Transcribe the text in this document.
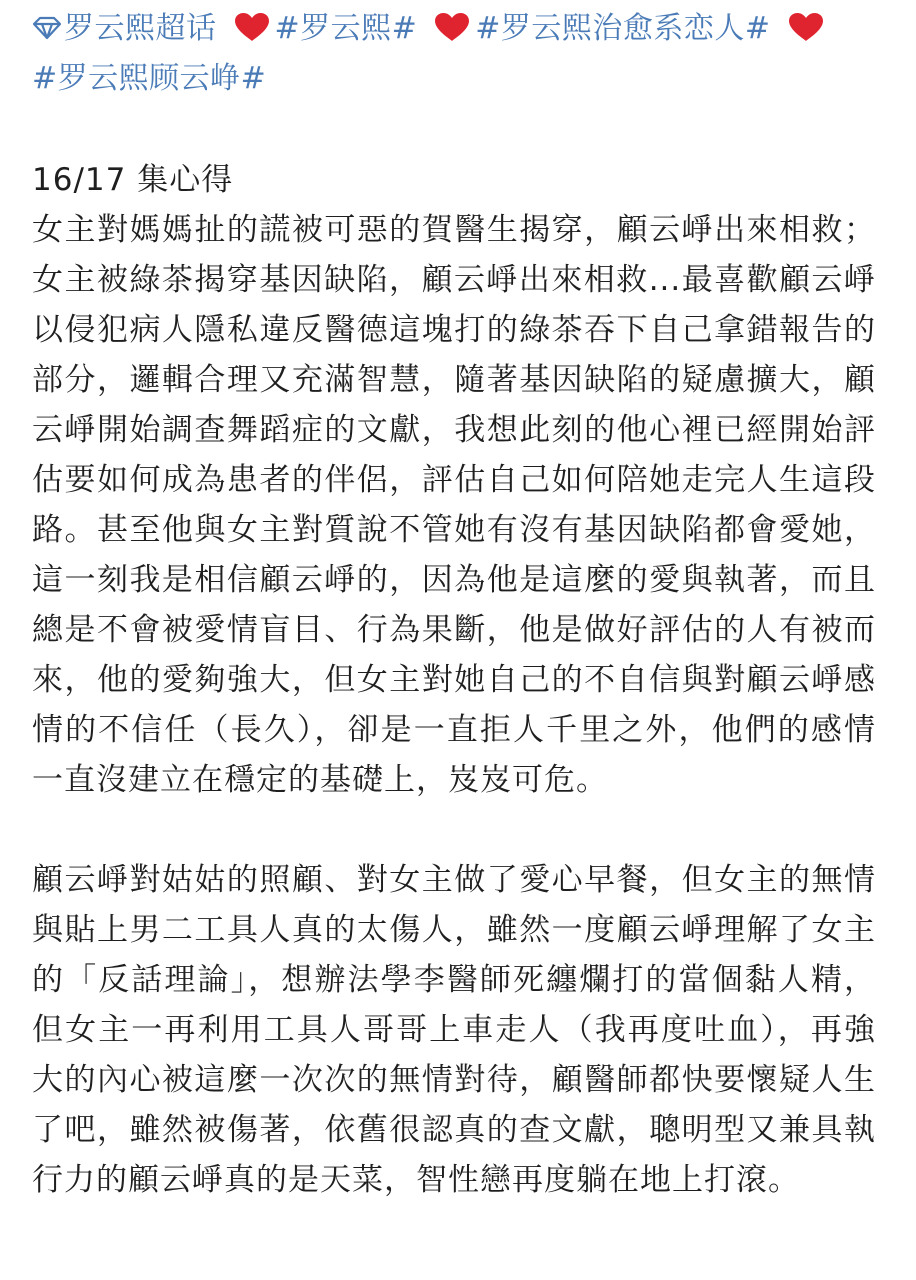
罗云熙超话 #罗云熙# #罗云熙治愈系恋人#
#罗云熙顾云峥#

16/17 集心得

女主對媽媽扯的謊被可惡的賀醫生揭穿，顧云崢出來相救；女主被綠茶揭穿基因缺陷，顧云崢出來相救...最喜歡顧云崢以侵犯病人隱私違反醫德這塊打的綠茶吞下自己拿錯報告的部分，邏輯合理又充滿智慧，隨著基因缺陷的疑慮擴大，顧云崢開始調查舞蹈症的文獻，我想此刻的他心裡已經開始評估要如何成為患者的伴侶，評估自己如何陪她走完人生這段路。甚至他與女主對質說不管她有沒有基因缺陷都會愛她，這一刻我是相信顧云崢的，因為他是這麼的愛與執著，而且總是不會被愛情盲目、行為果斷，他是做好評估的人有被而來，他的愛夠強大，但女主對她自己的不自信與對顧云崢感情的不信任（長久），卻是一直拒人千里之外，他們的感情一直沒建立在穩定的基礎上，岌岌可危。

顧云崢對姑姑的照顧、對女主做了愛心早餐，但女主的無情與貼上男二工具人真的太傷人，雖然一度顧云崢理解了女主的「反話理論」，想辦法學李醫師死纏爛打的當個黏人精，但女主一再利用工具人哥哥上車走人（我再度吐血），再強大的內心被這麼一次次的無情對待，顧醫師都快要懷疑人生了吧，雖然被傷著，依舊很認真的查文獻，聰明型又兼具執行力的顧云崢真的是天菜，智性戀再度躺在地上打滾。
